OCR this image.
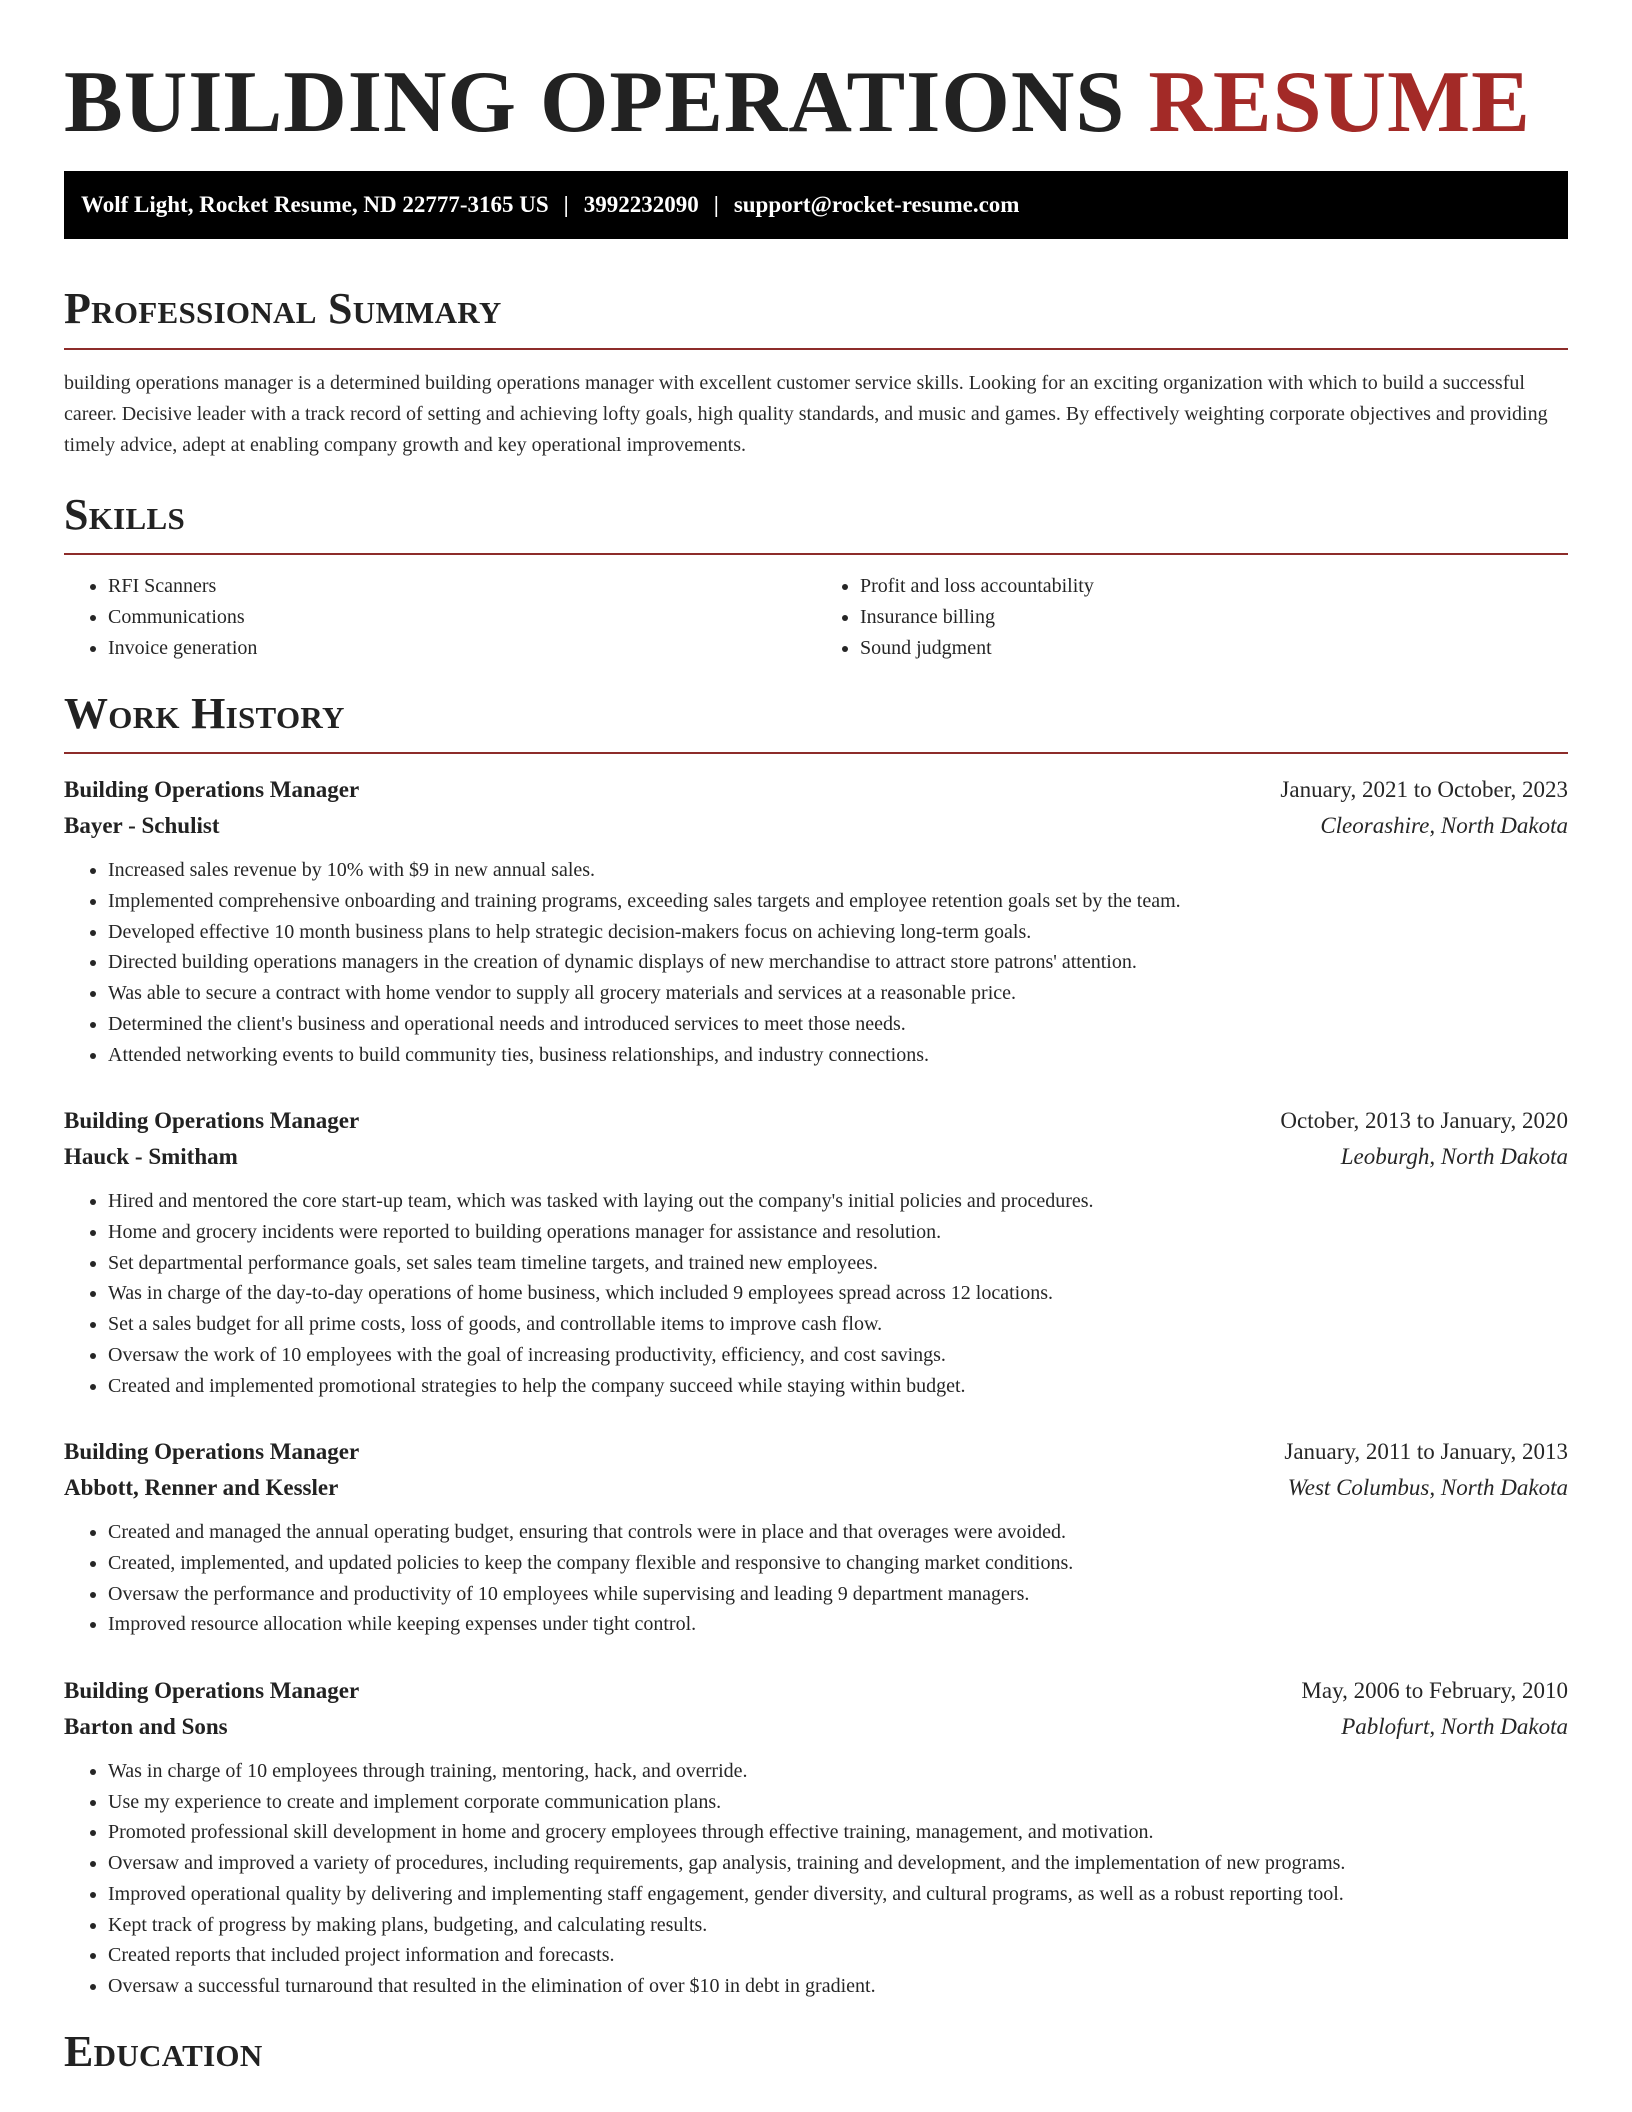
BUILDING OPERATIONS RESUME
Wolf Light, Rocket Resume, ND 22777-3165 US | 3992232090 | support@rocket-resume.com
Professional Summary

building operations manager is a determined building operations manager with excellent customer service skills. Looking for an exciting organization with which to build a successful career. Decisive leader with a track record of setting and achieving lofty goals, high quality standards, and music and games. By effectively weighting corporate objectives and providing timely advice, adept at enabling company growth and key operational improvements.

Skills
• RFI Scanners
• Communications
• Invoice generation
• Profit and loss accountability
• Insurance billing
• Sound judgment
Work History
Building Operations Manager	January, 2021 to October, 2023
Bayer - Schulist	Cleorashire, North Dakota
• Increased sales revenue by 10% with $9 in new annual sales.
• Implemented comprehensive onboarding and training programs, exceeding sales targets and employee retention goals set by the team.
• Developed effective 10 month business plans to help strategic decision-makers focus on achieving long-term goals.
• Directed building operations managers in the creation of dynamic displays of new merchandise to attract store patrons' attention.
• Was able to secure a contract with home vendor to supply all grocery materials and services at a reasonable price.
• Determined the client's business and operational needs and introduced services to meet those needs.
• Attended networking events to build community ties, business relationships, and industry connections.
Building Operations Manager	October, 2013 to January, 2020
Hauck - Smitham	Leoburgh, North Dakota
• Hired and mentored the core start-up team, which was tasked with laying out the company's initial policies and procedures.
• Home and grocery incidents were reported to building operations manager for assistance and resolution.
• Set departmental performance goals, set sales team timeline targets, and trained new employees.
• Was in charge of the day-to-day operations of home business, which included 9 employees spread across 12 locations.
• Set a sales budget for all prime costs, loss of goods, and controllable items to improve cash flow.
• Oversaw the work of 10 employees with the goal of increasing productivity, efficiency, and cost savings.
• Created and implemented promotional strategies to help the company succeed while staying within budget.
Building Operations Manager	January, 2011 to January, 2013
Abbott, Renner and Kessler	West Columbus, North Dakota
• Created and managed the annual operating budget, ensuring that controls were in place and that overages were avoided.
• Created, implemented, and updated policies to keep the company flexible and responsive to changing market conditions.
• Oversaw the performance and productivity of 10 employees while supervising and leading 9 department managers.
• Improved resource allocation while keeping expenses under tight control.
Building Operations Manager	May, 2006 to February, 2010
Barton and Sons	Pablofurt, North Dakota
• Was in charge of 10 employees through training, mentoring, hack, and override.
• Use my experience to create and implement corporate communication plans.
• Promoted professional skill development in home and grocery employees through effective training, management, and motivation.
• Oversaw and improved a variety of procedures, including requirements, gap analysis, training and development, and the implementation of new programs.
• Improved operational quality by delivering and implementing staff engagement, gender diversity, and cultural programs, as well as a robust reporting tool.
• Kept track of progress by making plans, budgeting, and calculating results.
• Created reports that included project information and forecasts.
• Oversaw a successful turnaround that resulted in the elimination of over $10 in debt in gradient.
Education
